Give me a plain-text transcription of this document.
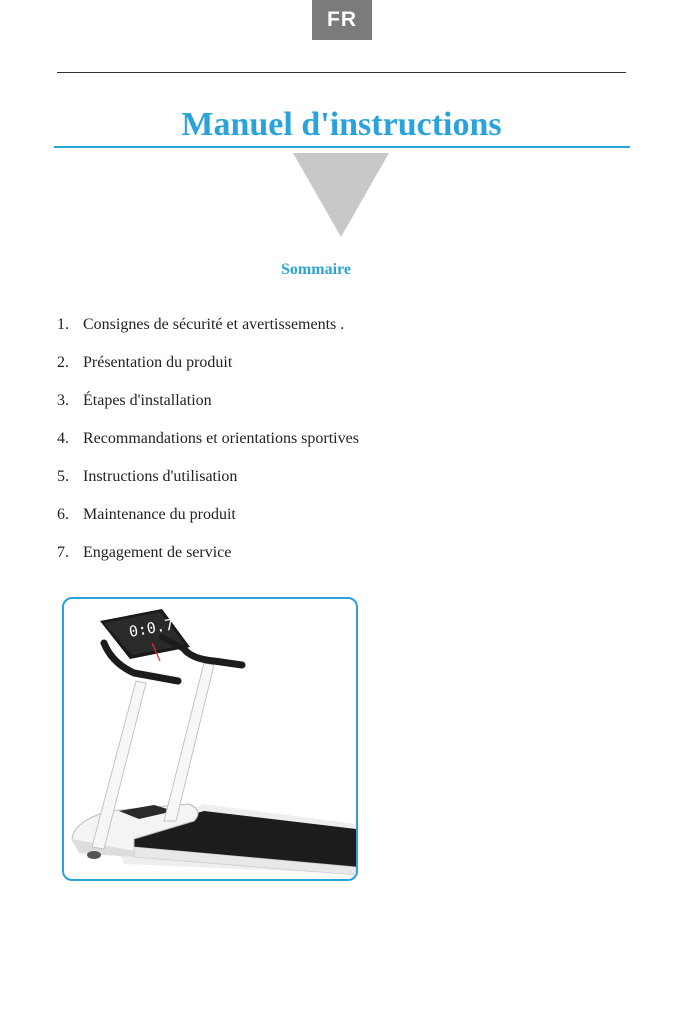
FR
Manuel d'instructions
Sommaire
1. Consignes de sécurité et avertissements .
2. Présentation du produit
3. Étapes d'installation
4. Recommandations et orientations sportives
5. Instructions d'utilisation
6. Maintenance du produit
7. Engagement de service
0:0.7
